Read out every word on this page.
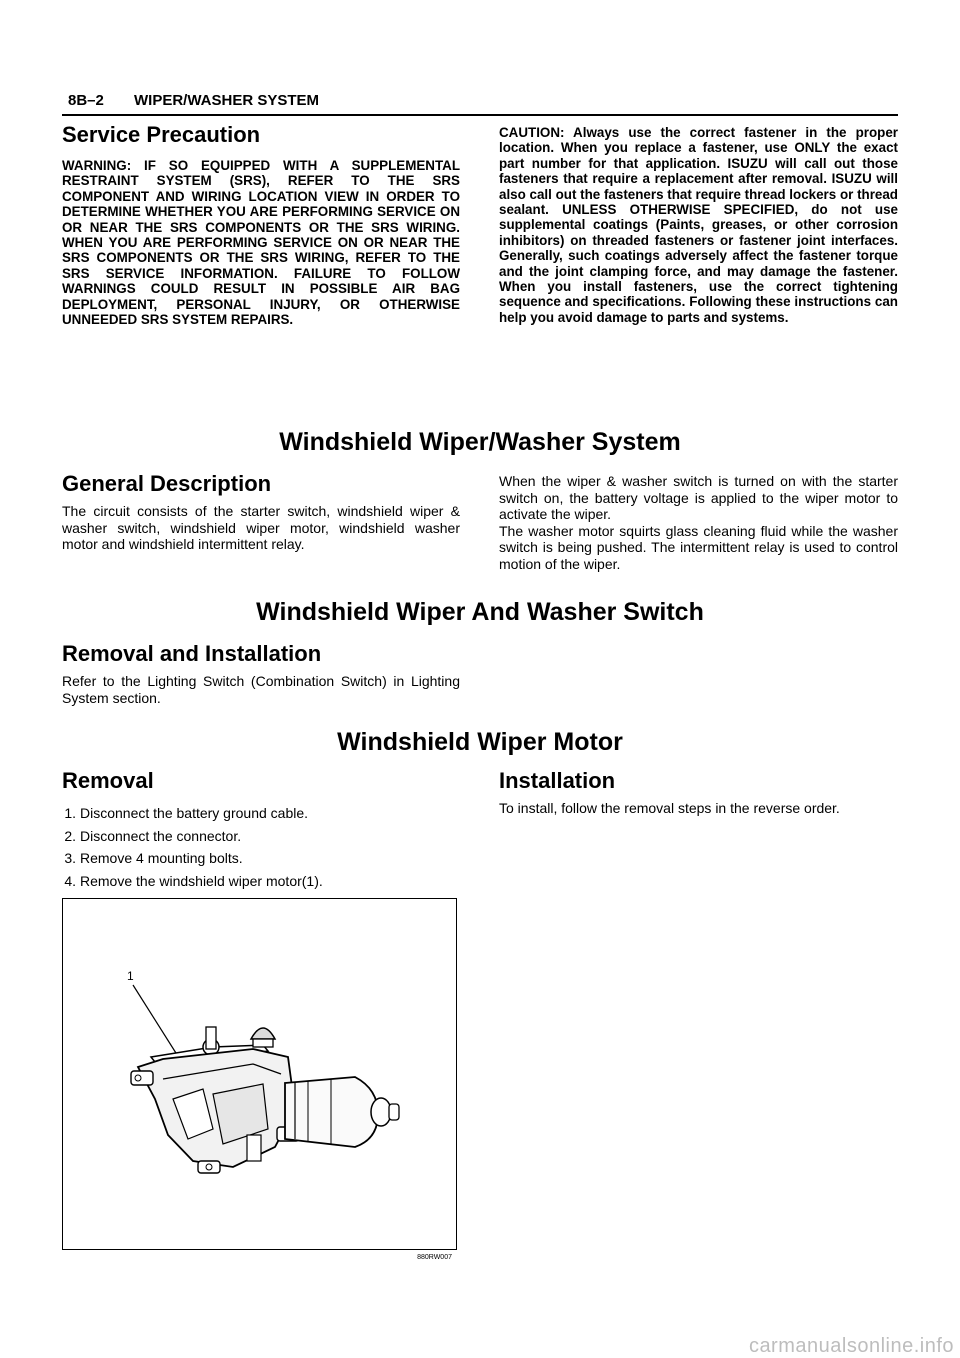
8B–2 WIPER/WASHER SYSTEM
Service Precaution

WARNING: IF SO EQUIPPED WITH A SUPPLEMENTAL RESTRAINT SYSTEM (SRS), REFER TO THE SRS COMPONENT AND WIRING LOCATION VIEW IN ORDER TO DETERMINE WHETHER YOU ARE PERFORMING SERVICE ON OR NEAR THE SRS COMPONENTS OR THE SRS WIRING. WHEN YOU ARE PERFORMING SERVICE ON OR NEAR THE SRS COMPONENTS OR THE SRS WIRING, REFER TO THE SRS SERVICE INFORMATION. FAILURE TO FOLLOW WARNINGS COULD RESULT IN POSSIBLE AIR BAG DEPLOYMENT, PERSONAL INJURY, OR OTHERWISE UNNEEDED SRS SYSTEM REPAIRS.

CAUTION: Always use the correct fastener in the proper location. When you replace a fastener, use ONLY the exact part number for that application. ISUZU will call out those fasteners that require a replacement after removal. ISUZU will also call out the fasteners that require thread lockers or thread sealant. UNLESS OTHERWISE SPECIFIED, do not use supplemental coatings (Paints, greases, or other corrosion inhibitors) on threaded fasteners or fastener joint interfaces. Generally, such coatings adversely affect the fastener torque and the joint clamping force, and may damage the fastener. When you install fasteners, use the correct tightening sequence and specifications. Following these instructions can help you avoid damage to parts and systems.

Windshield Wiper/Washer System
General Description

The circuit consists of the starter switch, windshield wiper & washer switch, windshield wiper motor, windshield washer motor and windshield intermittent relay.

When the wiper & washer switch is turned on with the starter switch on, the battery voltage is applied to the wiper motor to activate the wiper.

The washer motor squirts glass cleaning fluid while the washer switch is being pushed. The intermittent relay is used to control motion of the wiper.

Windshield Wiper And Washer Switch
Removal and Installation

Refer to the Lighting Switch (Combination Switch) in Lighting System section.

Windshield Wiper Motor
Removal
1. Disconnect the battery ground cable.
2. Disconnect the connector.
3. Remove 4 mounting bolts.
4. Remove the windshield wiper motor(1).
Installation

To install, follow the removal steps in the reverse order.

1
880RW007
carmanualsonline.info
